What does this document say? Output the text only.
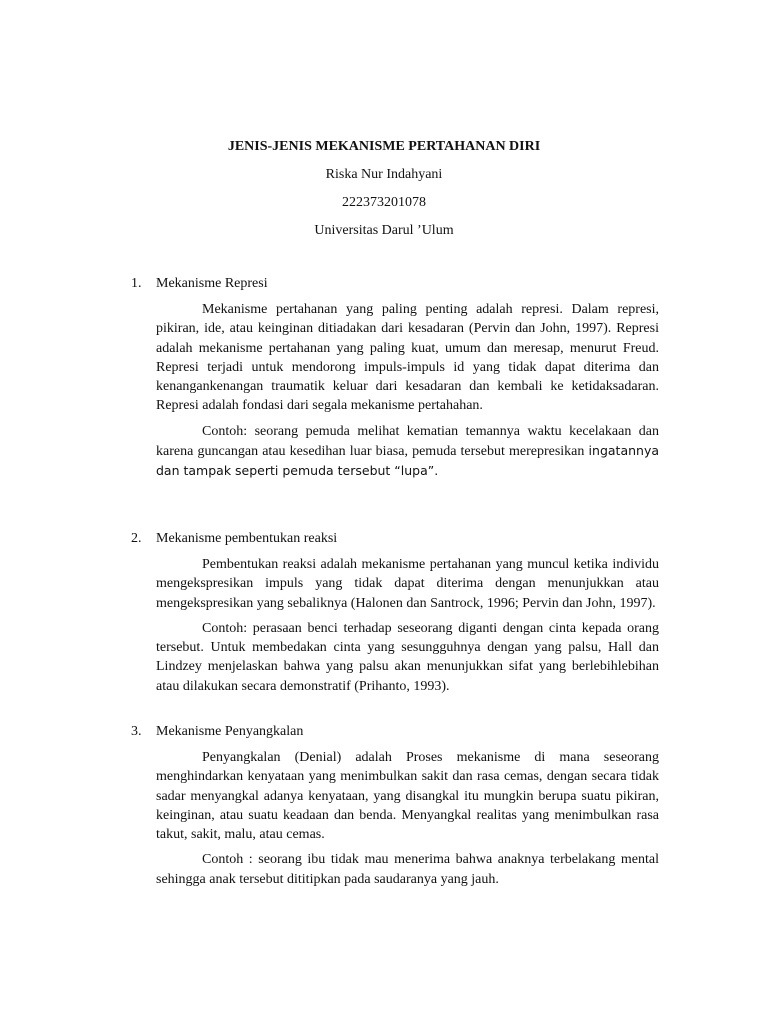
JENIS-JENIS MEKANISME PERTAHANAN DIRI
Riska Nur Indahyani
222373201078
Universitas Darul ’Ulum
1. Mekanisme Represi

Mekanisme pertahanan yang paling penting adalah represi. Dalam represi, pikiran, ide, atau keinginan ditiadakan dari kesadaran (Pervin dan John, 1997). Represi adalah mekanisme pertahanan yang paling kuat, umum dan meresap, menurut Freud. Represi terjadi untuk mendorong impuls-impuls id yang tidak dapat diterima dan kenangankenangan traumatik keluar dari kesadaran dan kembali ke ketidaksadaran. Represi adalah fondasi dari segala mekanisme pertahahan.

Contoh: seorang pemuda melihat kematian temannya waktu kecelakaan dan karena guncangan atau kesedihan luar biasa, pemuda tersebut merepresikan ingatannya dan tampak seperti pemuda tersebut “lupa”.

2. Mekanisme pembentukan reaksi

Pembentukan reaksi adalah mekanisme pertahanan yang muncul ketika individu mengekspresikan impuls yang tidak dapat diterima dengan menunjukkan atau mengekspresikan yang sebaliknya (Halonen dan Santrock, 1996; Pervin dan John, 1997).

Contoh: perasaan benci terhadap seseorang diganti dengan cinta kepada orang tersebut. Untuk membedakan cinta yang sesungguhnya dengan yang palsu, Hall dan Lindzey menjelaskan bahwa yang palsu akan menunjukkan sifat yang berlebihlebihan atau dilakukan secara demonstratif (Prihanto, 1993).

3. Mekanisme Penyangkalan

Penyangkalan (Denial) adalah Proses mekanisme di mana seseorang menghindarkan kenyataan yang menimbulkan sakit dan rasa cemas, dengan secara tidak sadar menyangkal adanya kenyataan, yang disangkal itu mungkin berupa suatu pikiran, keinginan, atau suatu keadaan dan benda. Menyangkal realitas yang menimbulkan rasa takut, sakit, malu, atau cemas.

Contoh : seorang ibu tidak mau menerima bahwa anaknya terbelakang mental sehingga anak tersebut dititipkan pada saudaranya yang jauh.
